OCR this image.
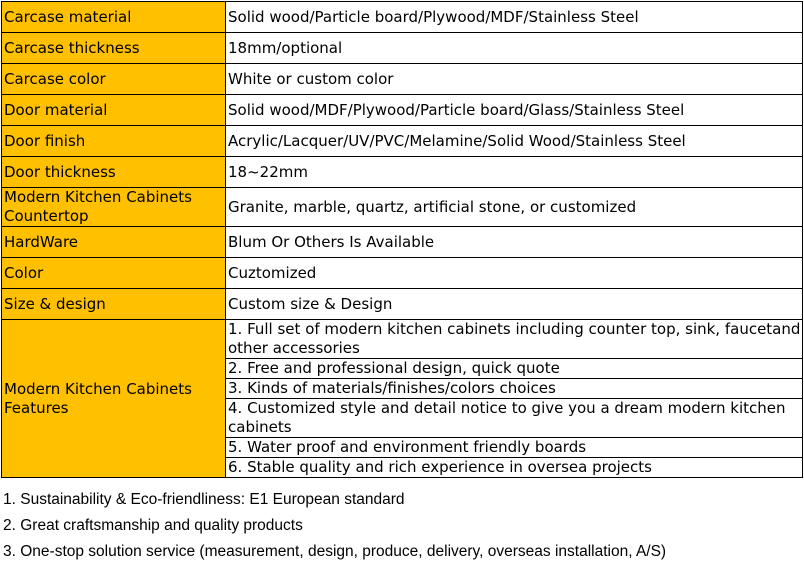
Carcase material	Solid wood/Particle board/Plywood/MDF/Stainless Steel
Carcase thickness	18mm/optional
Carcase color	White or custom color
Door material	Solid wood/MDF/Plywood/Particle board/Glass/Stainless Steel
Door finish	Acrylic/Lacquer/UV/PVC/Melamine/Solid Wood/Stainless Steel
Door thickness	18~22mm
Modern Kitchen Cabinets Countertop	Granite, marble, quartz, artificial stone, or customized
HardWare	Blum Or Others Is Available
Color	Cuztomized
Size & design	Custom size & Design
Modern Kitchen Cabinets Features	1. Full set of modern kitchen cabinets including counter top, sink, faucetand other accessories
	2. Free and professional design, quick quote
	3. Kinds of materials/finishes/colors choices
	4. Customized style and detail notice to give you a dream modern kitchen cabinets
	5. Water proof and environment friendly boards
	6. Stable quality and rich experience in oversea projects
1. Sustainability & Eco-friendliness: E1 European standard
2. Great craftsmanship and quality products
3. One-stop solution service (measurement, design, produce, delivery, overseas installation, A/S)
